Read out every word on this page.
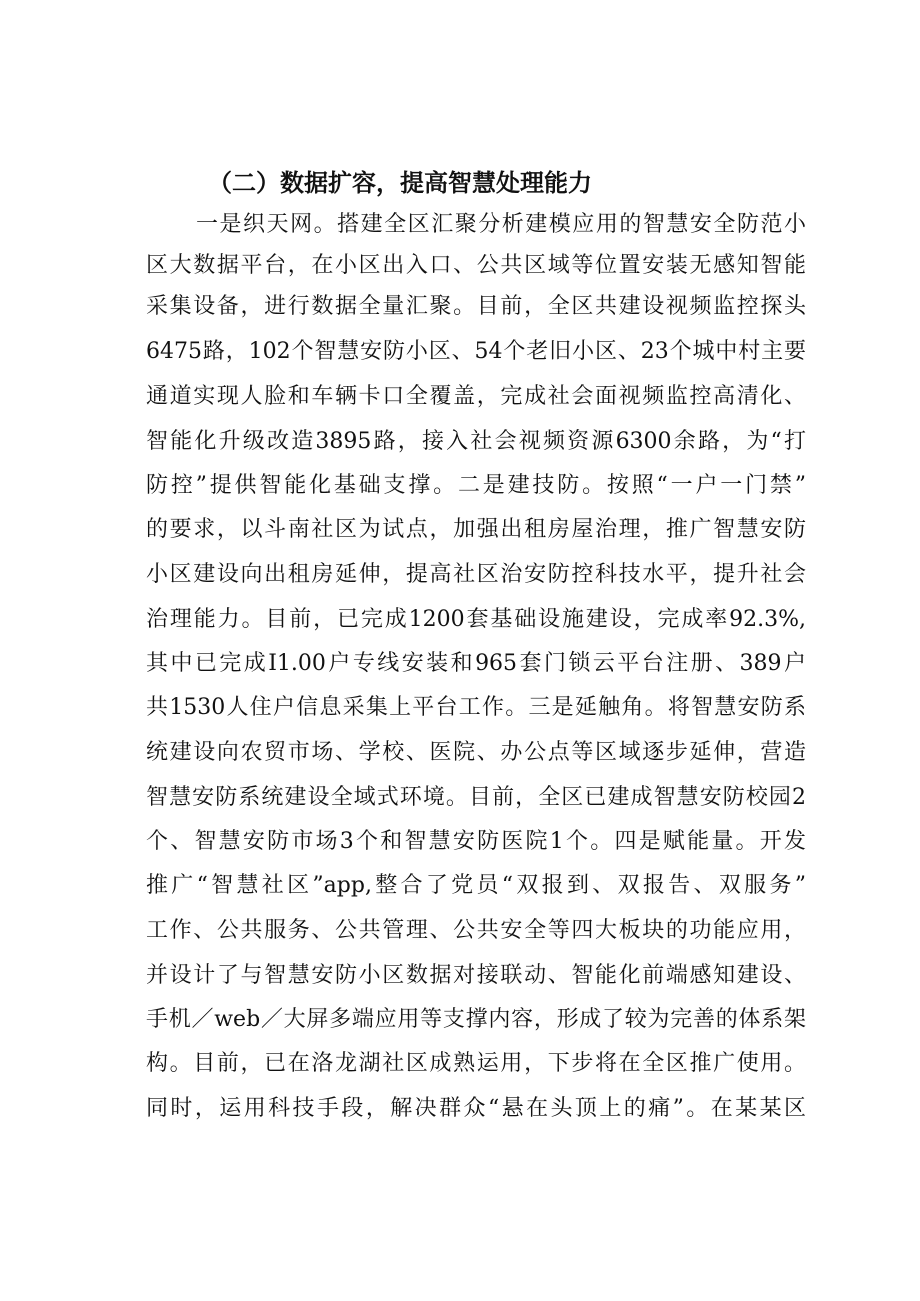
（二）数据扩容，提高智慧处理能力
一是织天网。搭建全区汇聚分析建模应用的智慧安全防范小
区大数据平台，在小区出入口、公共区域等位置安装无感知智能
采集设备，进行数据全量汇聚。目前，全区共建设视频监控探头
6475路，102个智慧安防小区、54个老旧小区、23个城中村主要
通道实现人脸和车辆卡口全覆盖，完成社会面视频监控高清化、
智能化升级改造3895路，接入社会视频资源6300余路，为“打
防控”提供智能化基础支撑。二是建技防。按照“一户一门禁”
的要求，以斗南社区为试点，加强出租房屋治理，推广智慧安防
小区建设向出租房延伸，提高社区治安防控科技水平，提升社会
治理能力。目前，已完成1200套基础设施建设，完成率92.3%,
其中已完成I1.00户专线安装和965套门锁云平台注册、389户
共1530人住户信息采集上平台工作。三是延触角。将智慧安防系
统建设向农贸市场、学校、医院、办公点等区域逐步延伸，营造
智慧安防系统建设全域式环境。目前，全区已建成智慧安防校园2
个、智慧安防市场3个和智慧安防医院1个。四是赋能量。开发
推广“智慧社区”app,整合了党员“双报到、双报告、双服务”
工作、公共服务、公共管理、公共安全等四大板块的功能应用，
并设计了与智慧安防小区数据对接联动、智能化前端感知建设、
手机／web／大屏多端应用等支撑内容，形成了较为完善的体系架
构。目前，已在洛龙湖社区成熟运用，下步将在全区推广使用。
同时，运用科技手段，解决群众“悬在头顶上的痛”。在某某区
